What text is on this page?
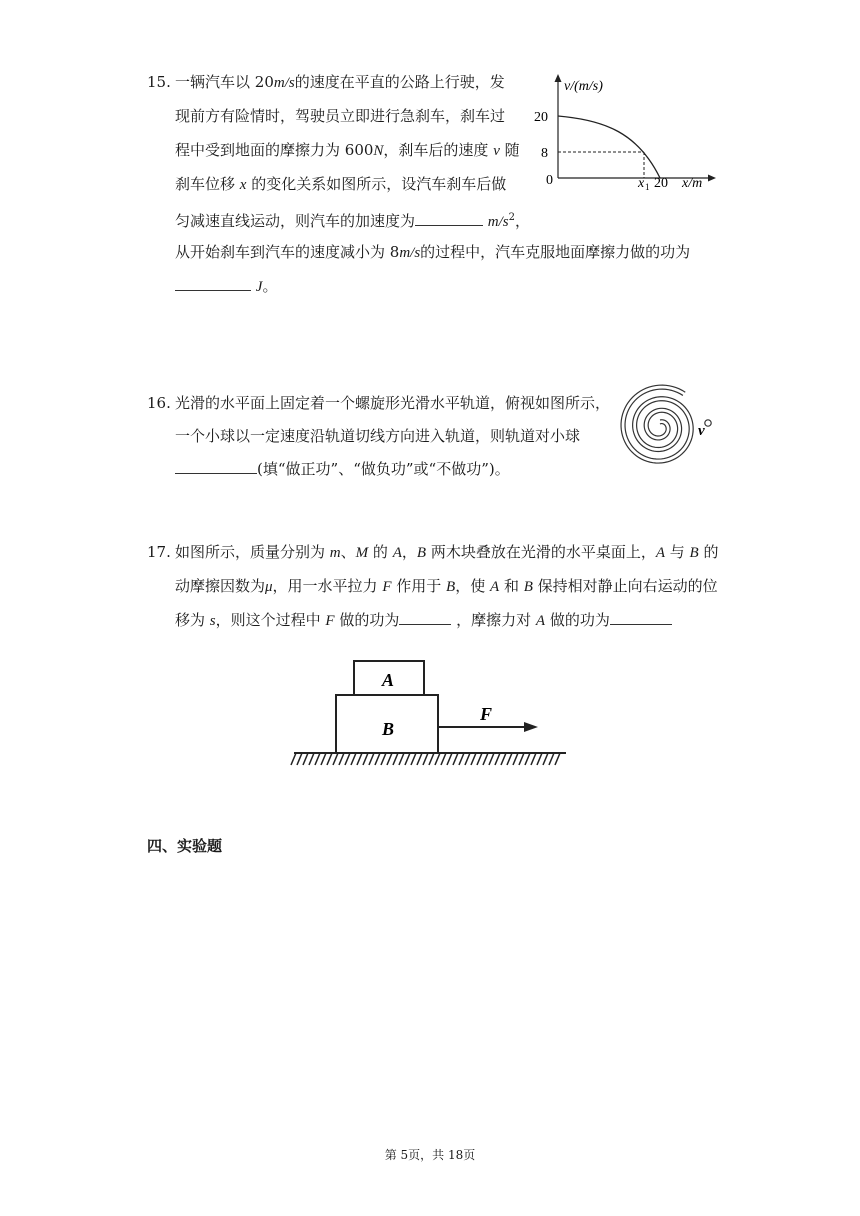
15. 一辆汽车以 20m/s的速度在平直的公路上行驶，发
现前方有险情时，驾驶员立即进行急刹车，刹车过
程中受到地面的摩擦力为 600N，刹车后的速度 v 随
刹车位移 x 的变化关系如图所示，设汽车刹车后做
匀减速直线运动，则汽车的加速度为	$m/s^2$，
从开始刹车到汽车的速度减小为 8m/s的过程中，汽车克服地面摩擦力做的功为
J。
v/(m/s)
20
8
0	x 1 20 x/m
16. 光滑的水平面上固定着一个螺旋形光滑水平轨道，俯视如图所示，
一个小球以一定速度沿轨道切线方向进入轨道，则轨道对小球
(填“做正功”、“做负功”或“不做功”)。
v
17. 如图所示，质量分别为 m、M 的 A，B 两木块叠放在光滑的水平桌面上，A 与 B 的
动摩擦因数为μ，用一水平拉力 F 作用于 B，使 A 和 B 保持相对静止向右运动的位
移为 s，则这个过程中 F 做的功为	，摩擦力对 A 做的功为
A
B
F
四、实验题
第 5页，共 18页
